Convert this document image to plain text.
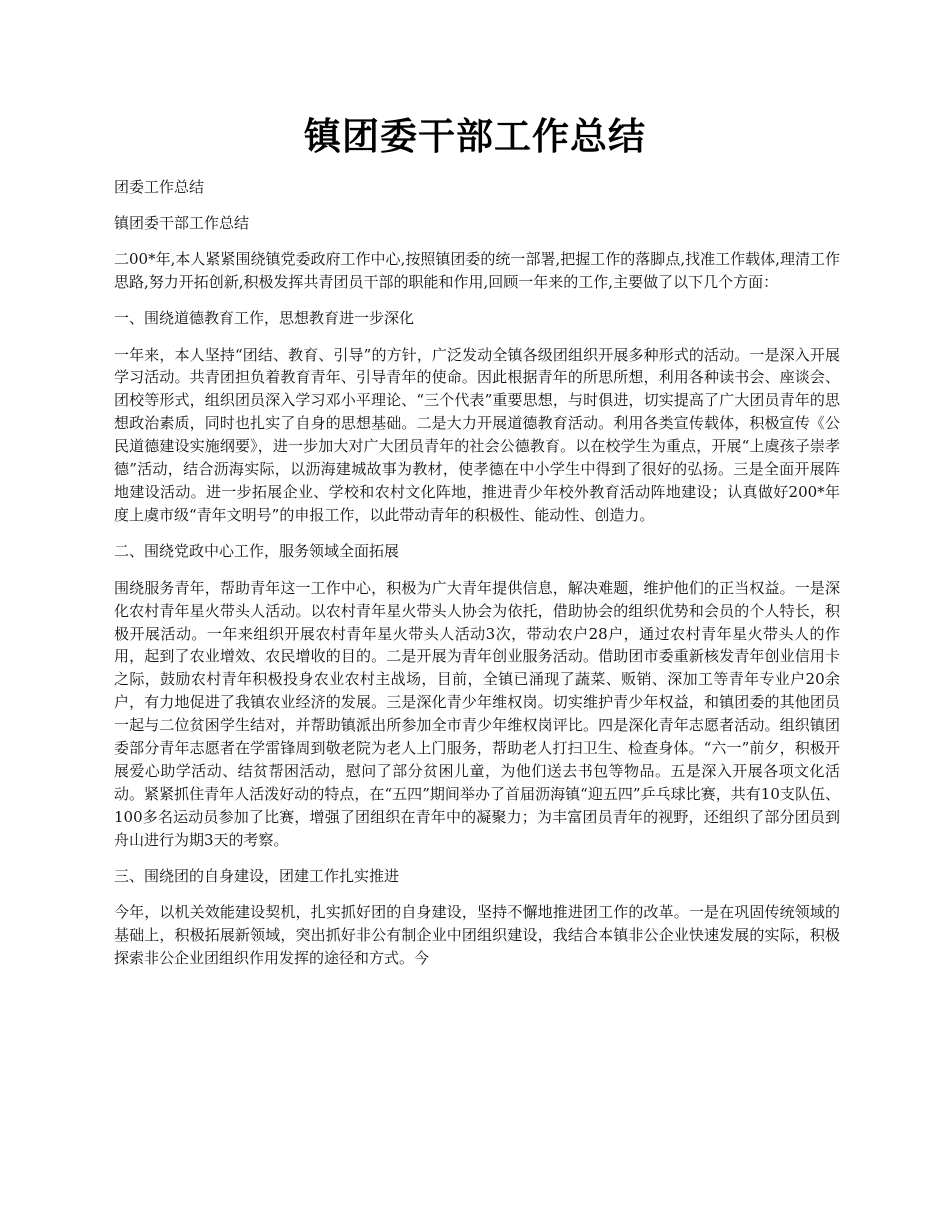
镇团委干部工作总结

团委工作总结

镇团委干部工作总结

二00*年,本人紧紧围绕镇党委政府工作中心,按照镇团委的统一部署,把握工作的落脚点,找准工作载体,理清工作思路,努力开拓创新,积极发挥共青团员干部的职能和作用,回顾一年来的工作,主要做了以下几个方面：

一、围绕道德教育工作，思想教育进一步深化

一年来，本人坚持“团结、教育、引导”的方针，广泛发动全镇各级团组织开展多种形式的活动。一是深入开展学习活动。共青团担负着教育青年、引导青年的使命。因此根据青年的所思所想，利用各种读书会、座谈会、团校等形式，组织团员深入学习邓小平理论、“三个代表”重要思想，与时俱进，切实提高了广大团员青年的思想政治素质，同时也扎实了自身的思想基础。二是大力开展道德教育活动。利用各类宣传载体，积极宣传《公民道德建设实施纲要》，进一步加大对广大团员青年的社会公德教育。以在校学生为重点，开展“上虞孩子崇孝德”活动，结合沥海实际，以沥海建城故事为教材，使孝德在中小学生中得到了很好的弘扬。三是全面开展阵地建设活动。进一步拓展企业、学校和农村文化阵地，推进青少年校外教育活动阵地建设；认真做好200*年度上虞市级“青年文明号”的申报工作，以此带动青年的积极性、能动性、创造力。

二、围绕党政中心工作，服务领域全面拓展

围绕服务青年，帮助青年这一工作中心，积极为广大青年提供信息，解决难题，维护他们的正当权益。一是深化农村青年星火带头人活动。以农村青年星火带头人协会为依托，借助协会的组织优势和会员的个人特长，积极开展活动。一年来组织开展农村青年星火带头人活动3次，带动农户28户，通过农村青年星火带头人的作用，起到了农业增效、农民增收的目的。二是开展为青年创业服务活动。借助团市委重新核发青年创业信用卡之际，鼓励农村青年积极投身农业农村主战场，目前，全镇已涌现了蔬菜、贩销、深加工等青年专业户20余户，有力地促进了我镇农业经济的发展。三是深化青少年维权岗。切实维护青少年权益，和镇团委的其他团员一起与二位贫困学生结对，并帮助镇派出所参加全市青少年维权岗评比。四是深化青年志愿者活动。组织镇团委部分青年志愿者在学雷锋周到敬老院为老人上门服务，帮助老人打扫卫生、检查身体。“六一”前夕，积极开展爱心助学活动、结贫帮困活动，慰问了部分贫困儿童，为他们送去书包等物品。五是深入开展各项文化活动。紧紧抓住青年人活泼好动的特点，在“五四”期间举办了首届沥海镇“迎五四”乒乓球比赛，共有10支队伍、100多名运动员参加了比赛，增强了团组织在青年中的凝聚力；为丰富团员青年的视野，还组织了部分团员到舟山进行为期3天的考察。

三、围绕团的自身建设，团建工作扎实推进

今年，以机关效能建设契机，扎实抓好团的自身建设，坚持不懈地推进团工作的改革。一是在巩固传统领域的基础上，积极拓展新领域，突出抓好非公有制企业中团组织建设，我结合本镇非公企业快速发展的实际，积极探索非公企业团组织作用发挥的途径和方式。今
